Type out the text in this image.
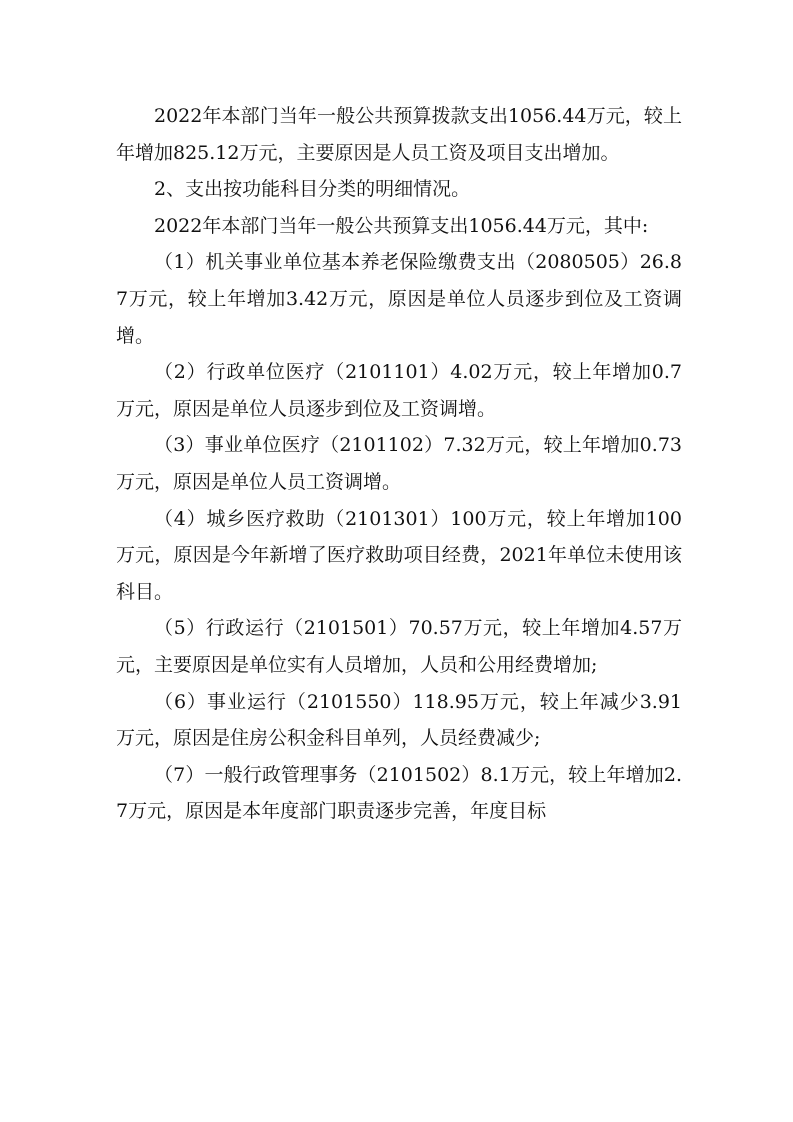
2022年本部门当年一般公共预算拨款支出1056.44万元，较上年增加825.12万元，主要原因是人员工资及项目支出增加。

2、支出按功能科目分类的明细情况。

2022年本部门当年一般公共预算支出1056.44万元，其中:

（1）机关事业单位基本养老保险缴费支出（2080505）26.87万元，较上年增加3.42万元，原因是单位人员逐步到位及工资调增。

（2）行政单位医疗（2101101）4.02万元，较上年增加0.7万元，原因是单位人员逐步到位及工资调增。

（3）事业单位医疗（2101102）7.32万元，较上年增加0.73万元，原因是单位人员工资调增。

（4）城乡医疗救助（2101301）100万元，较上年增加100万元，原因是今年新增了医疗救助项目经费，2021年单位未使用该科目。

（5）行政运行（2101501）70.57万元，较上年增加4.57万元，主要原因是单位实有人员增加，人员和公用经费增加;

（6）事业运行（2101550）118.95万元，较上年减少3.91万元，原因是住房公积金科目单列，人员经费减少;

（7）一般行政管理事务（2101502）8.1万元，较上年增加2.7万元，原因是本年度部门职责逐步完善，年度目标
